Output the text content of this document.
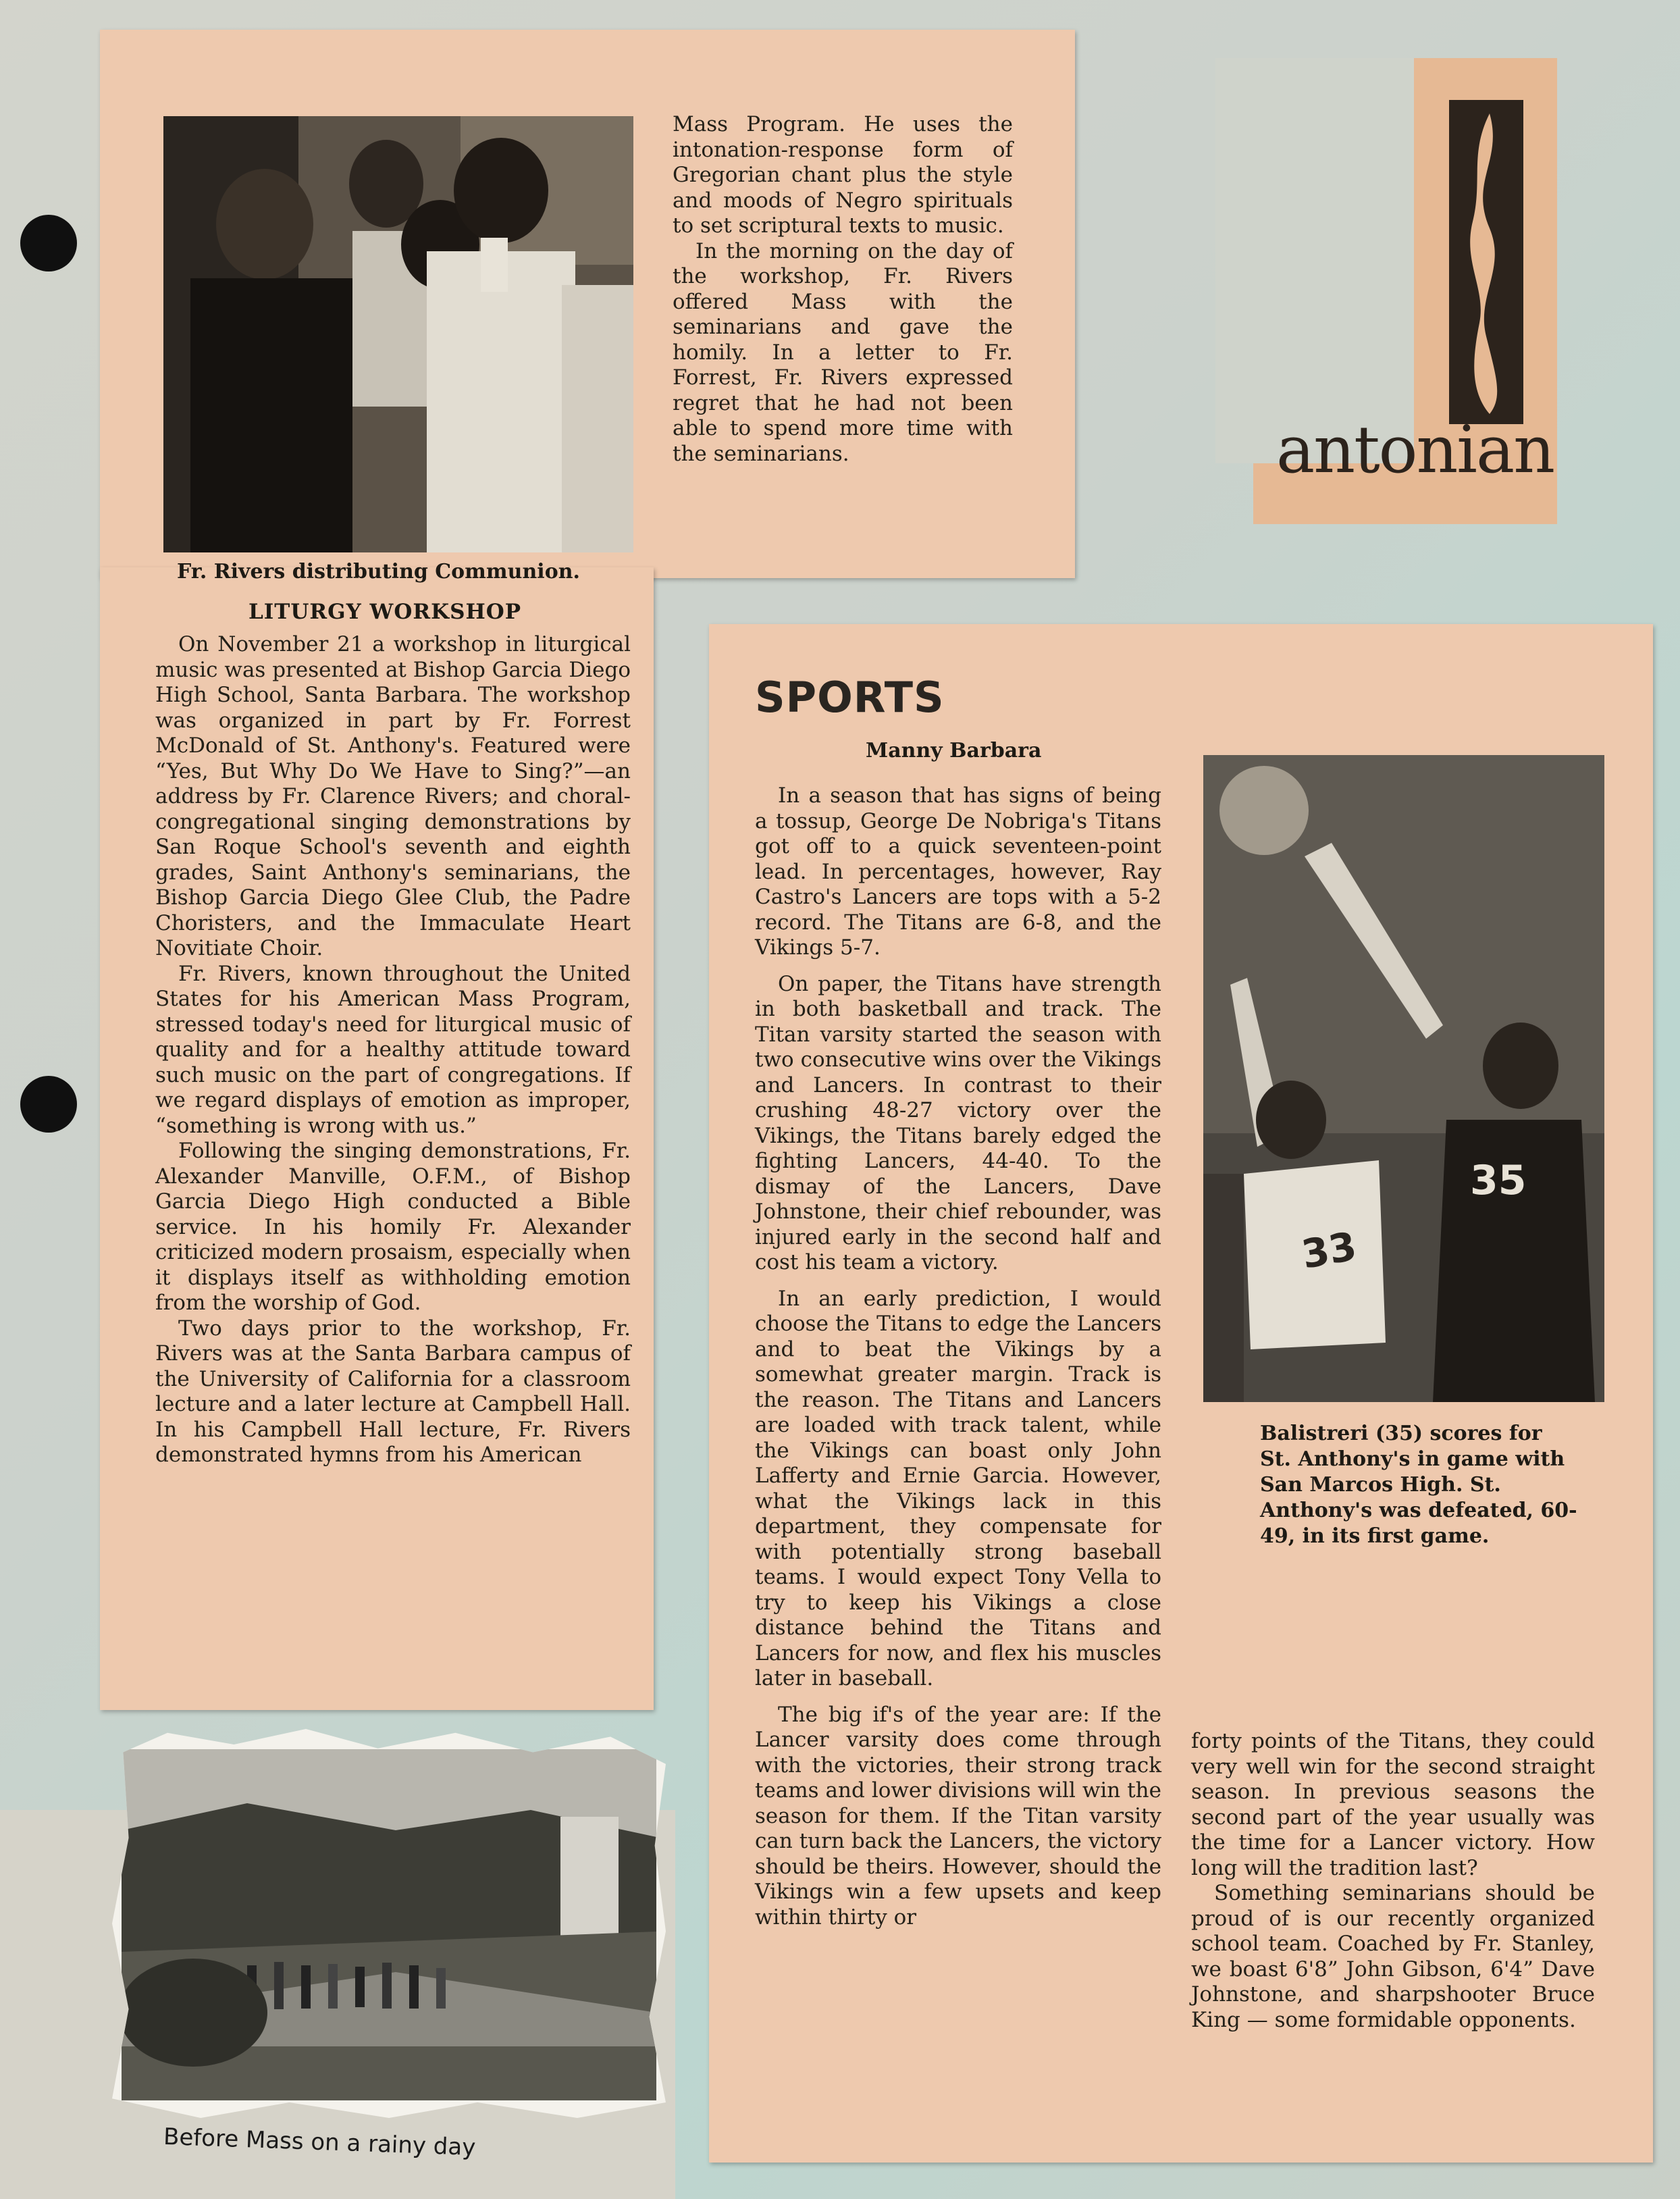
Fr. Rivers distributing Communion.
LITURGY WORKSHOP

On November 21 a workshop in liturgical music was presented at Bishop Garcia Diego High School, Santa Barbara. The workshop was organized in part by Fr. Forrest McDonald of St. Anthony's. Featured were “Yes, But Why Do We Have to Sing?”—an address by Fr. Clarence Rivers; and choral-congregational singing demonstrations by San Roque School's seventh and eighth grades, Saint Anthony's seminarians, the Bishop Garcia Diego Glee Club, the Padre Choristers, and the Immaculate Heart Novitiate Choir.

Fr. Rivers, known throughout the United States for his American Mass Program, stressed today's need for liturgical music of quality and for a healthy attitude toward such music on the part of congregations. If we regard displays of emotion as improper, “something is wrong with us.”

Following the singing demonstrations, Fr. Alexander Manville, O.F.M., of Bishop Garcia Diego High conducted a Bible service. In his homily Fr. Alexander criticized modern prosaism, especially when it displays itself as withholding emotion from the worship of God.

Two days prior to the workshop, Fr. Rivers was at the Santa Barbara campus of the University of California for a classroom lecture and a later lecture at Campbell Hall. In his Campbell Hall lecture, Fr. Rivers demonstrated hymns from his American

Mass Program. He uses the intonation-response form of Gregorian chant plus the style and moods of Negro spirituals to set scriptural texts to music.

In the morning on the day of the workshop, Fr. Rivers offered Mass with the seminarians and gave the homily. In a letter to Fr. Forrest, Fr. Rivers expressed regret that he had not been able to spend more time with the seminarians.	antonian
SPORTS
Manny Barbara

In a season that has signs of being a tossup, George De Nobriga's Titans got off to a quick seventeen-point lead. In percentages, however, Ray Castro's Lancers are tops with a 5-2 record. The Titans are 6-8, and the Vikings 5-7.

On paper, the Titans have strength in both basketball and track. The Titan varsity started the season with two consecutive wins over the Vikings and Lancers. In contrast to their crushing 48-27 victory over the Vikings, the Titans barely edged the fighting Lancers, 44-40. To the dismay of the Lancers, Dave Johnstone, their chief rebounder, was injured early in the second half and cost his team a victory.

In an early prediction, I would choose the Titans to edge the Lancers and to beat the Vikings by a somewhat greater margin. Track is the reason. The Titans and Lancers are loaded with track talent, while the Vikings can boast only John Lafferty and Ernie Garcia. However, what the Vikings lack in this department, they compensate for with potentially strong baseball teams. I would expect Tony Vella to try to keep his Vikings a close distance behind the Titans and Lancers for now, and flex his muscles later in baseball.

The big if's of the year are: If the Lancer varsity does come through with the victories, their strong track teams and lower divisions will win the season for them. If the Titan varsity can turn back the Lancers, the victory should be theirs. However, should the Vikings win a few upsets and keep within thirty or

forty points of the Titans, they could very well win for the second straight season. In previous seasons the second part of the year usually was the time for a Lancer victory. How long will the tradition last?

Something seminarians should be proud of is our recently organized school team. Coached by Fr. Stanley, we boast 6'8” John Gibson, 6'4” Dave Johnstone, and sharpshooter Bruce King — some formidable opponents.

35
33
Balistreri (35) scores for St. Anthony's in game with San Marcos High. St. Anthony's was defeated, 60-49, in its first game.
Before Mass on a rainy day
